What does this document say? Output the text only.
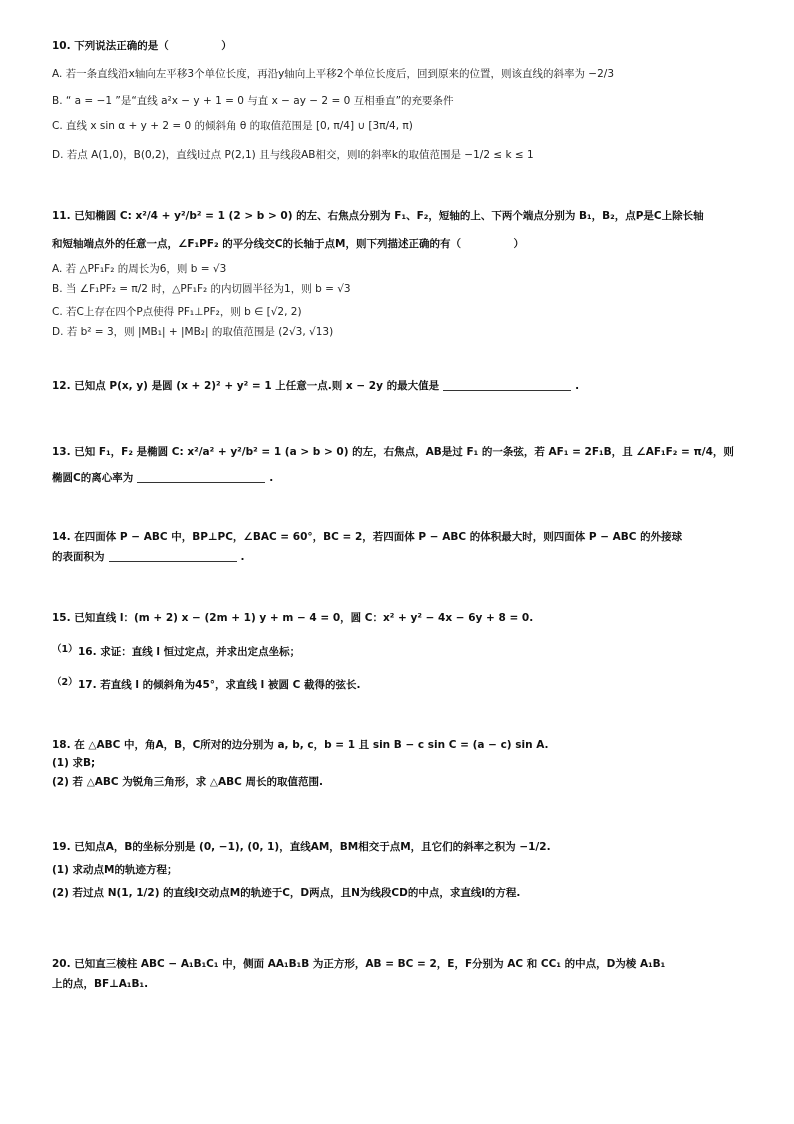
10. 下列说法正确的是（　　　　　）
A. 若一条直线沿x轴向左平移3个单位长度，再沿y轴向上平移2个单位长度后，回到原来的位置，则该直线的斜率为 −2/3
B. “ a = −1 ”是“直线 a²x − y + 1 = 0 与直 x − ay − 2 = 0 互相垂直”的充要条件
C. 直线 x sin α + y + 2 = 0 的倾斜角 θ 的取值范围是 [0, π/4] ∪ [3π/4, π)
D. 若点 A(1,0)，B(0,2)，直线l过点 P(2,1) 且与线段AB相交，则l的斜率k的取值范围是 −1/2 ≤ k ≤ 1
11. 已知椭圆 C: x²/4 + y²/b² = 1 (2 > b > 0) 的左、右焦点分别为 F₁、F₂，短轴的上、下两个端点分别为 B₁，B₂，点P是C上除长轴
和短轴端点外的任意一点，∠F₁PF₂ 的平分线交C的长轴于点M，则下列描述正确的有（　　　　　）
A. 若 △PF₁F₂ 的周长为6，则 b = √3
B. 当 ∠F₁PF₂ = π/2 时，△PF₁F₂ 的内切圆半径为1，则 b = √3
C. 若C上存在四个P点使得 PF₁⊥PF₂，则 b ∈ [√2, 2)
D. 若 b² = 3，则 |MB₁| + |MB₂| 的取值范围是 (2√3, √13)
12. 已知点 P(x, y) 是圆 (x + 2)² + y² = 1 上任意一点.则 x − 2y 的最大值是	.
13. 已知 F₁，F₂ 是椭圆 C: x²/a² + y²/b² = 1 (a > b > 0) 的左，右焦点，AB是过 F₁ 的一条弦，若 AF₁ = 2F₁B，且 ∠AF₁F₂ = π/4，则
椭圆C的离心率为	.
14. 在四面体 P − ABC 中，BP⊥PC，∠BAC = 60°，BC = 2，若四面体 P − ABC 的体积最大时，则四面体 P − ABC 的外接球
的表面积为	.
15. 已知直线 l：(m + 2) x − (2m + 1) y + m − 4 = 0，圆 C：x² + y² − 4x − 6y + 8 = 0.
（1）16. 求证：直线 l 恒过定点，并求出定点坐标；
（2）17. 若直线 l 的倾斜角为45°，求直线 l 被圆 C 截得的弦长.
18. 在 △ABC 中，角A，B，C所对的边分别为 a, b, c，b = 1 且 sin B − c sin C = (a − c) sin A.
(1) 求B;
(2) 若 △ABC 为锐角三角形，求 △ABC 周长的取值范围.
19. 已知点A，B的坐标分别是 (0, −1), (0, 1)，直线AM，BM相交于点M，且它们的斜率之积为 −1/2.
(1) 求动点M的轨迹方程；
(2) 若过点 N(1, 1/2) 的直线l交动点M的轨迹于C，D两点，且N为线段CD的中点，求直线l的方程.
20. 已知直三棱柱 ABC − A₁B₁C₁ 中，侧面 AA₁B₁B 为正方形，AB = BC = 2，E，F分别为 AC 和 CC₁ 的中点，D为棱 A₁B₁
上的点，BF⊥A₁B₁.
